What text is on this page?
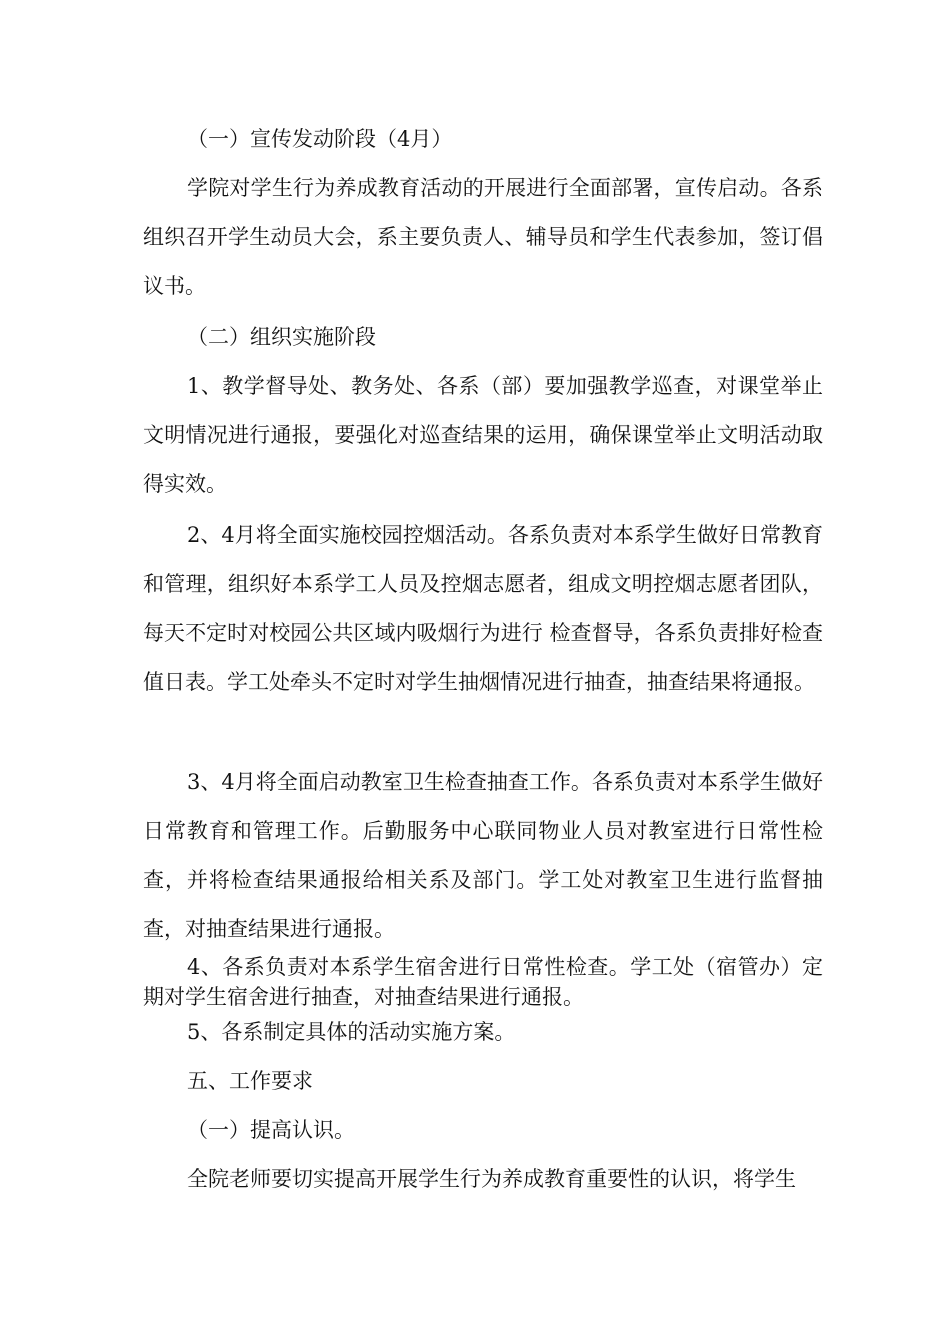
（一）宣传发动阶段（4月）

学院对学生行为养成教育活动的开展进行全面部署，宣传启动。各系组织召开学生动员大会，系主要负责人、辅导员和学生代表参加，签订倡议书。

（二）组织实施阶段

1、教学督导处、教务处、各系（部）要加强教学巡查，对课堂举止文明情况进行通报，要强化对巡查结果的运用，确保课堂举止文明活动取得实效。

2、4月将全面实施校园控烟活动。各系负责对本系学生做好日常教育和管理，组织好本系学工人员及控烟志愿者，组成文明控烟志愿者团队，每天不定时对校园公共区域内吸烟行为进行 检查督导，各系负责排好检查值日表。学工处牵头不定时对学生抽烟情况进行抽查，抽查结果将通报。

3、4月将全面启动教室卫生检查抽查工作。各系负责对本系学生做好日常教育和管理工作。后勤服务中心联同物业人员对教室进行日常性检查，并将检查结果通报给相关系及部门。学工处对教室卫生进行监督抽查，对抽查结果进行通报。

4、各系负责对本系学生宿舍进行日常性检查。学工处（宿管办）定期对学生宿舍进行抽查，对抽查结果进行通报。

5、各系制定具体的活动实施方案。

五、工作要求

（一）提高认识。

全院老师要切实提高开展学生行为养成教育重要性的认识，将学生
